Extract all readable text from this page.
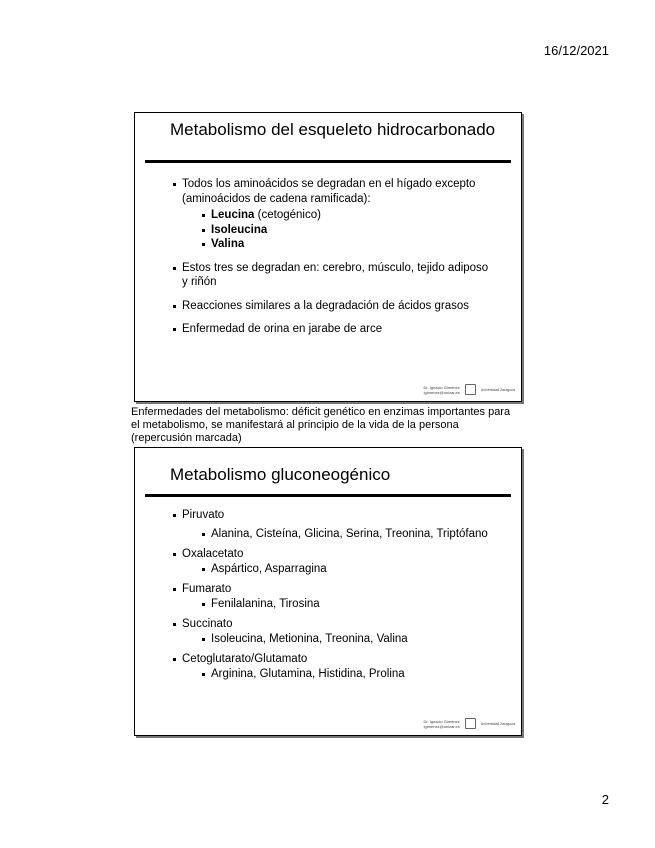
16/12/2021
Metabolismo del esqueleto hidrocarbonado
Todos los aminoácidos se degradan en el hígado excepto (aminoácidos de cadena ramificada):
Leucina (cetogénico)
Isoleucina
Valina
Estos tres se degradan en: cerebro, músculo, tejido adiposo y riñón
Reacciones similares a la degradación de ácidos grasos
Enfermedad de orina en jarabe de arce
Dr. Ignacio Giménez
igimenez@unizar.es	Universidad Zaragoza
Enfermedades del metabolismo: déficit genético en enzimas importantes para el metabolismo, se manifestará al principio de la vida de la persona (repercusión marcada)
Metabolismo gluconeogénico
Piruvato
Alanina, Cisteína, Glicina, Serina, Treonina, Triptófano
Oxalacetato
Aspártico, Asparragina
Fumarato
Fenilalanina, Tirosina
Succinato
Isoleucina, Metionina, Treonina, Valina
Cetoglutarato/Glutamato
Arginina, Glutamina, Histidina, Prolina
Dr. Ignacio Giménez
igimenez@unizar.es	Universidad Zaragoza
2
